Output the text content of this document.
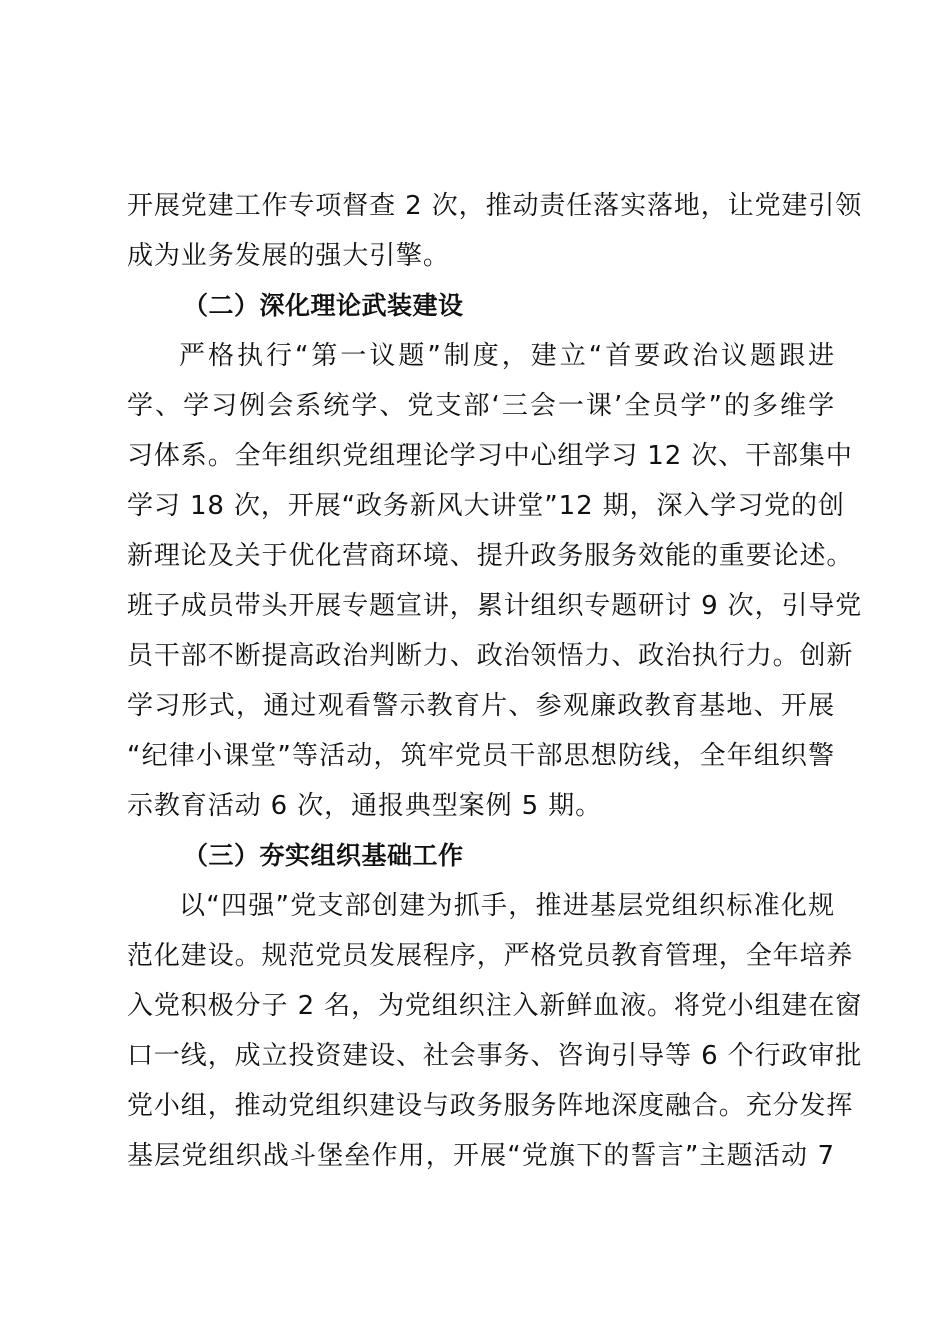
开展党建工作专项督查 2 次，推动责任落实落地，让党建引领
成为业务发展的强大引擎。
（二）深化理论武装建设
严格执行“第一议题”制度，建立“首要政治议题跟进
学、学习例会系统学、党支部‘三会一课’全员学”的多维学
习体系。全年组织党组理论学习中心组学习 12 次、干部集中
学习 18 次，开展“政务新风大讲堂”12 期，深入学习党的创
新理论及关于优化营商环境、提升政务服务效能的重要论述。
班子成员带头开展专题宣讲，累计组织专题研讨 9 次，引导党
员干部不断提高政治判断力、政治领悟力、政治执行力。创新
学习形式，通过观看警示教育片、参观廉政教育基地、开展
“纪律小课堂”等活动，筑牢党员干部思想防线，全年组织警
示教育活动 6 次，通报典型案例 5 期。
（三）夯实组织基础工作
以“四强”党支部创建为抓手，推进基层党组织标准化规
范化建设。规范党员发展程序，严格党员教育管理，全年培养
入党积极分子 2 名，为党组织注入新鲜血液。将党小组建在窗
口一线，成立投资建设、社会事务、咨询引导等 6 个行政审批
党小组，推动党组织建设与政务服务阵地深度融合。充分发挥
基层党组织战斗堡垒作用，开展“党旗下的誓言”主题活动 7
